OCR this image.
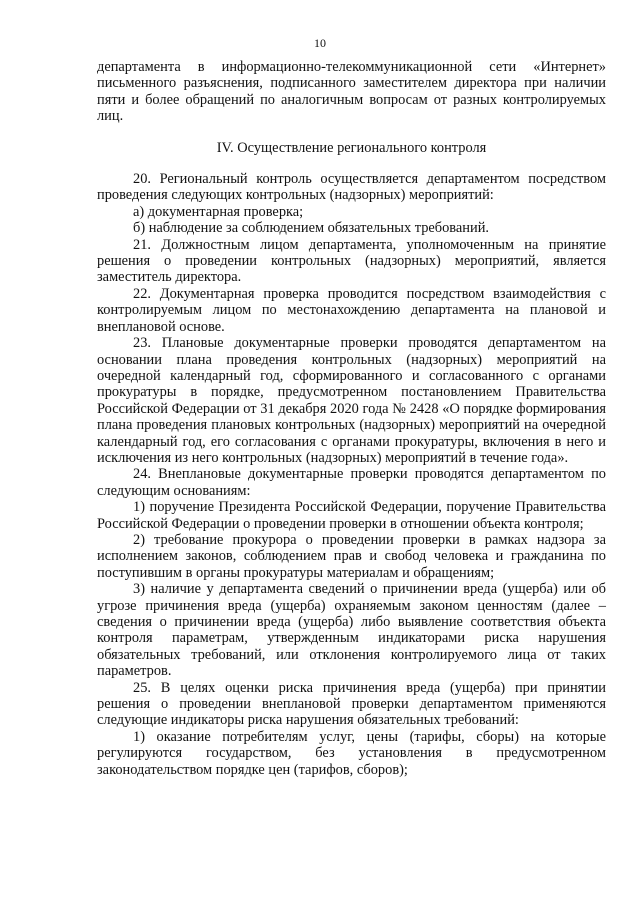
10

департамента в информационно-телекоммуникационной сети «Интернет» письменного разъяснения, подписанного заместителем директора при наличии пяти и более обращений по аналогичным вопросам от разных контролируемых лиц.

IV. Осуществление регионального контроля

20. Региональный контроль осуществляется департаментом посредством проведения следующих контрольных (надзорных) мероприятий:

а) документарная проверка;

б) наблюдение за соблюдением обязательных требований.

21. Должностным лицом департамента, уполномоченным на принятие решения о проведении контрольных (надзорных) мероприятий, является заместитель директора.

22. Документарная проверка проводится посредством взаимодействия с контролируемым лицом по местонахождению департамента на плановой и внеплановой основе.

23. Плановые документарные проверки проводятся департаментом на основании плана проведения контрольных (надзорных) мероприятий на очередной календарный год, сформированного и согласованного с органами прокуратуры в порядке, предусмотренном постановлением Правительства Российской Федерации от 31 декабря 2020 года № 2428 «О порядке формирования плана проведения плановых контрольных (надзорных) мероприятий на очередной календарный год, его согласования с органами прокуратуры, включения в него и исключения из него контрольных (надзорных) мероприятий в течение года».

24. Внеплановые документарные проверки проводятся департаментом по следующим основаниям:

1) поручение Президента Российской Федерации, поручение Правительства Российской Федерации о проведении проверки в отношении объекта контроля;

2) требование прокурора о проведении проверки в рамках надзора за исполнением законов, соблюдением прав и свобод человека и гражданина по поступившим в органы прокуратуры материалам и обращениям;

3) наличие у департамента сведений о причинении вреда (ущерба) или об угрозе причинения вреда (ущерба) охраняемым законом ценностям (далее – сведения о причинении вреда (ущерба) либо выявление соответствия объекта контроля параметрам, утвержденным индикаторами риска нарушения обязательных требований, или отклонения контролируемого лица от таких параметров.

25. В целях оценки риска причинения вреда (ущерба) при принятии решения о проведении внеплановой проверки департаментом применяются следующие индикаторы риска нарушения обязательных требований:

1) оказание потребителям услуг, цены (тарифы, сборы) на которые регулируются государством, без установления в предусмотренном законодательством порядке цен (тарифов, сборов);
